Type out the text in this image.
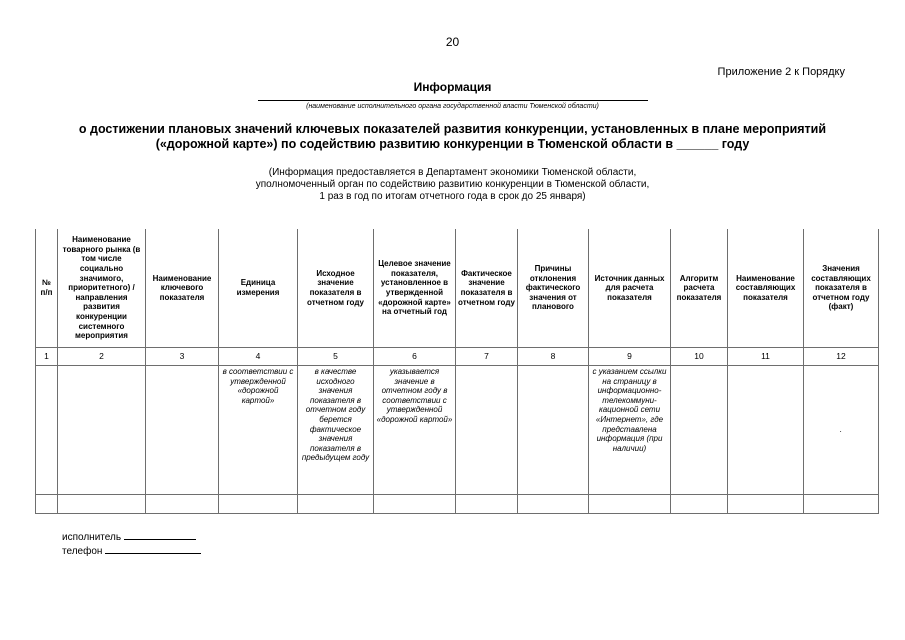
20
Приложение 2 к Порядку
Информация
(наименование исполнительного органа государственной власти Тюменской области)
о достижении плановых значений ключевых показателей развития конкуренции, установленных в плане мероприятий
(«дорожной карте») по содействию развитию конкуренции в Тюменской области в ______ году
(Информация предоставляется в Департамент экономики Тюменской области,
уполномоченный орган по содействию развитию конкуренции в Тюменской области,
1 раз в год по итогам отчетного года в срок до 25 января)
№ п/п	Наименование товарного рынка (в том числе социально значимого, приоритетного) / направления развития конкуренции системного мероприятия	Наименование ключевого показателя	Единица измерения	Исходное значение показателя в отчетном году	Целевое значение показателя, установленное в утвержденной «дорожной карте» на отчетный год	Фактическое значение показателя в отчетном году	Причины отклонения фактического значения от планового	Источник данных для расчета показателя	Алгоритм расчета показателя	Наименование составляющих показателя	Значения составляющих показателя в отчетном году (факт)
1	2	3	4	5	6	7	8	9	10	11	12
			в соответствии с утвержденной «дорожной картой»	в качестве исходного значения показателя в отчетном году берется фактическое значения показателя в предыдущем году	указывается значение в отчетном году в соответствии с утвержденной «дорожной картой»			с указанием ссылки на страницу в информационно-телекоммуни-кационной сети «Интернет», где представлена информация (при наличии)			.

исполнитель
телефон
